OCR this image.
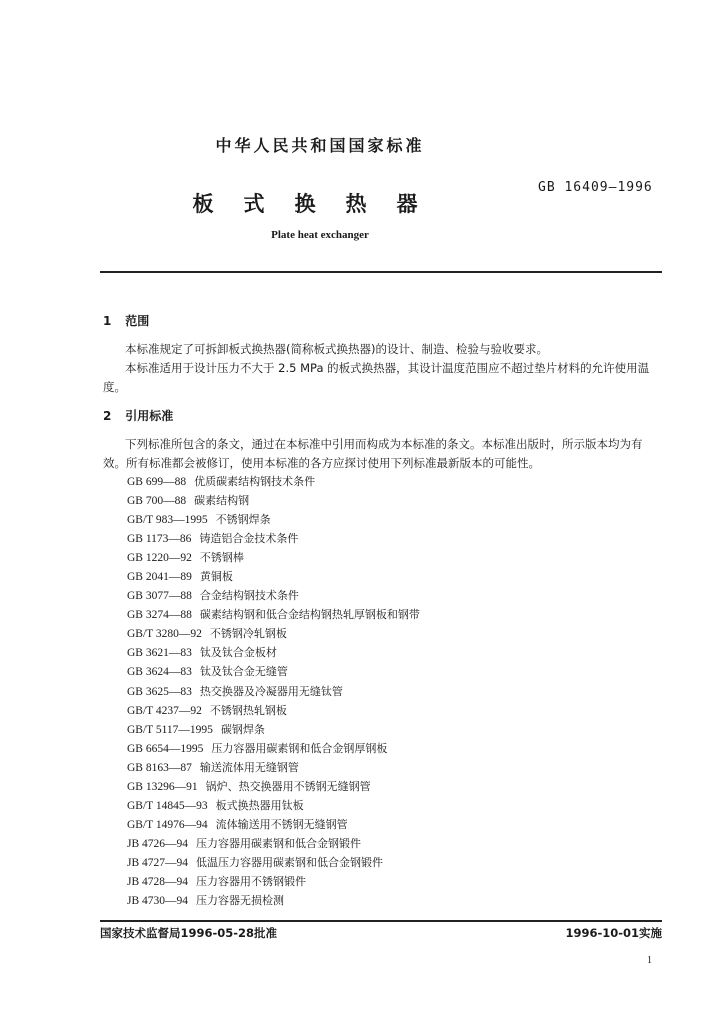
中华人民共和国国家标准
GB 16409—1996
板式换热器
Plate heat exchanger
1 范围
本标准规定了可拆卸板式换热器(简称板式换热器)的设计、制造、检验与验收要求。
本标准适用于设计压力不大于 2.5 MPa 的板式换热器，其设计温度范围应不超过垫片材料的允许使用温度。
2 引用标准
下列标准所包含的条文，通过在本标准中引用而构成为本标准的条文。本标准出版时，所示版本均为有效。所有标准都会被修订，使用本标准的各方应探讨使用下列标准最新版本的可能性。
GB 699—88 优质碳素结构钢技术条件
GB 700—88 碳素结构钢
GB/T 983—1995 不锈钢焊条
GB 1173—86 铸造铝合金技术条件
GB 1220—92 不锈钢棒
GB 2041—89 黄铜板
GB 3077—88 合金结构钢技术条件
GB 3274—88 碳素结构钢和低合金结构钢热轧厚钢板和钢带
GB/T 3280—92 不锈钢冷轧钢板
GB 3621—83 钛及钛合金板材
GB 3624—83 钛及钛合金无缝管
GB 3625—83 热交换器及冷凝器用无缝钛管
GB/T 4237—92 不锈钢热轧钢板
GB/T 5117—1995 碳钢焊条
GB 6654—1995 压力容器用碳素钢和低合金钢厚钢板
GB 8163—87 输送流体用无缝钢管
GB 13296—91 锅炉、热交换器用不锈钢无缝钢管
GB/T 14845—93 板式换热器用钛板
GB/T 14976—94 流体输送用不锈钢无缝钢管
JB 4726—94 压力容器用碳素钢和低合金钢锻件
JB 4727—94 低温压力容器用碳素钢和低合金钢锻件
JB 4728—94 压力容器用不锈钢锻件
JB 4730—94 压力容器无损检测
国家技术监督局1996-05-28批准	1996-10-01实施
1
